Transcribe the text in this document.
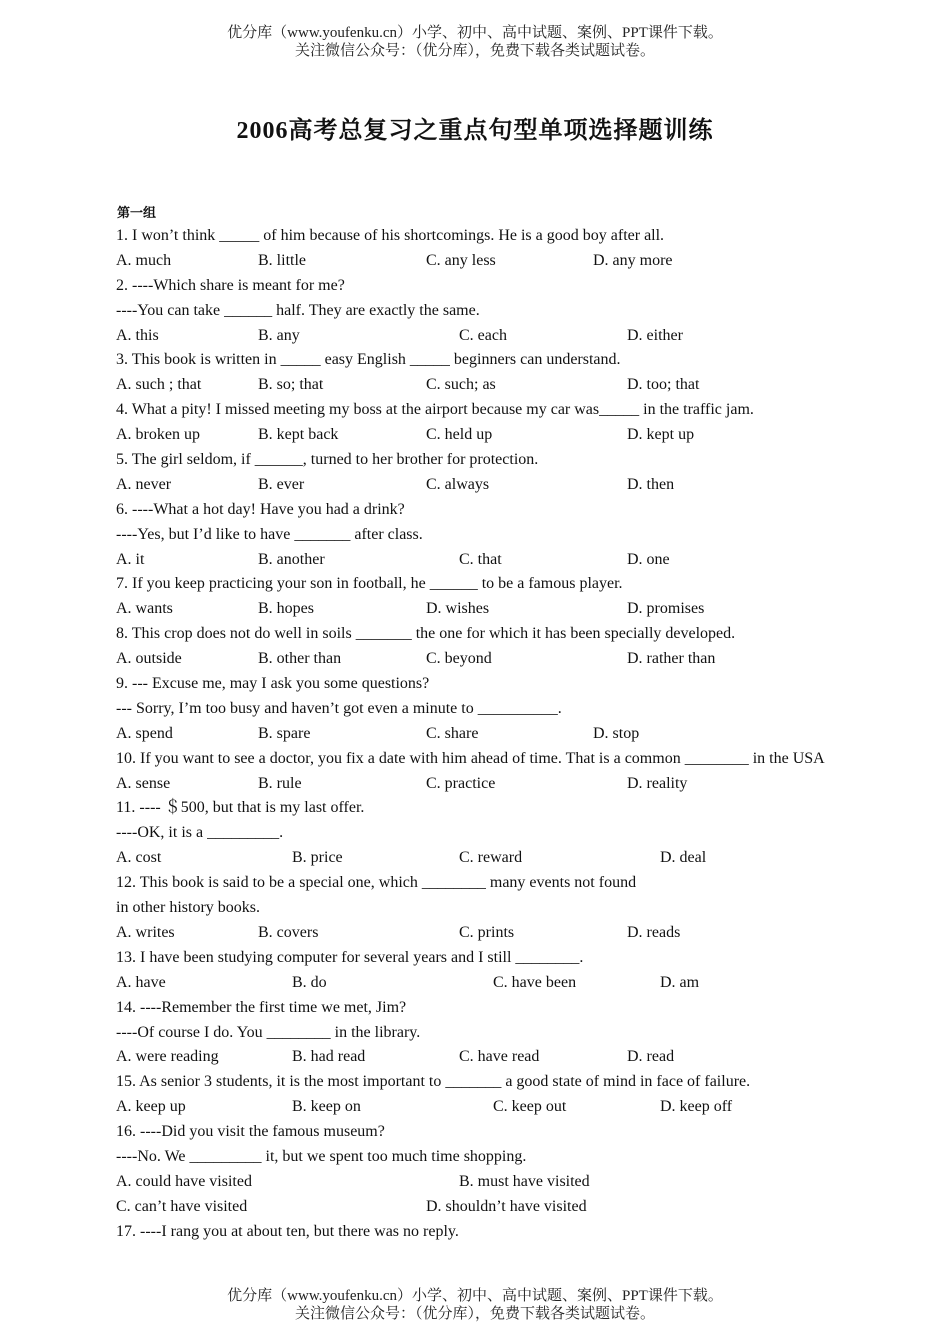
优分库（www.youfenku.cn）小学、初中、高中试题、案例、PPT课件下载。
关注微信公众号：（优分库），免费下载各类试题试卷。
2006高考总复习之重点句型单项选择题训练
第一组
1. I won’t think _____ of him because of his shortcomings. He is a good boy after all.
A. much	B. little	C. any less	D. any more
2. ----Which share is meant for me?
----You can take ______ half. They are exactly the same.
A. this	B. any	C. each	D. either
3. This book is written in _____ easy English _____ beginners can understand.
A. such ; that	B. so; that	C. such; as	D. too; that
4. What a pity! I missed meeting my boss at the airport because my car was_____ in the traffic jam.
A. broken up	B. kept back	C. held up	D. kept up
5. The girl seldom, if ______, turned to her brother for protection.
A. never	B. ever	C. always	D. then
6. ----What a hot day! Have you had a drink?
----Yes, but I’d like to have _______ after class.
A. it	B. another	C. that	D. one
7. If you keep practicing your son in football, he ______ to be a famous player.
A. wants	B. hopes	D. wishes	D. promises
8. This crop does not do well in soils _______ the one for which it has been specially developed.
A. outside	B. other than	C. beyond	D. rather than
9. --- Excuse me, may I ask you some questions?
--- Sorry, I’m too busy and haven’t got even a minute to __________.
A. spend	B. spare	C. share	D. stop
10. If you want to see a doctor, you fix a date with him ahead of time. That is a common ________ in the USA
A. sense	B. rule	C. practice	D. reality
11. ---- ＄500, but that is my last offer.
----OK, it is a _________.
A. cost	B. price	C. reward	D. deal
12. This book is said to be a special one, which ________ many events not found
in other history books.
A. writes	B. covers	C. prints	D. reads
13. I have been studying computer for several years and I still ________.
A. have	B. do	C. have been	D. am
14. ----Remember the first time we met, Jim?
----Of course I do. You ________ in the library.
A. were reading	B. had read	C. have read	D. read
15. As senior 3 students, it is the most important to _______ a good state of mind in face of failure.
A. keep up	B. keep on	C. keep out	D. keep off
16. ----Did you visit the famous museum?
----No. We _________ it, but we spent too much time shopping.
A. could have visited	B. must have visited
C. can’t have visited	D. shouldn’t have visited
17. ----I rang you at about ten, but there was no reply.
优分库（www.youfenku.cn）小学、初中、高中试题、案例、PPT课件下载。
关注微信公众号：（优分库），免费下载各类试题试卷。
